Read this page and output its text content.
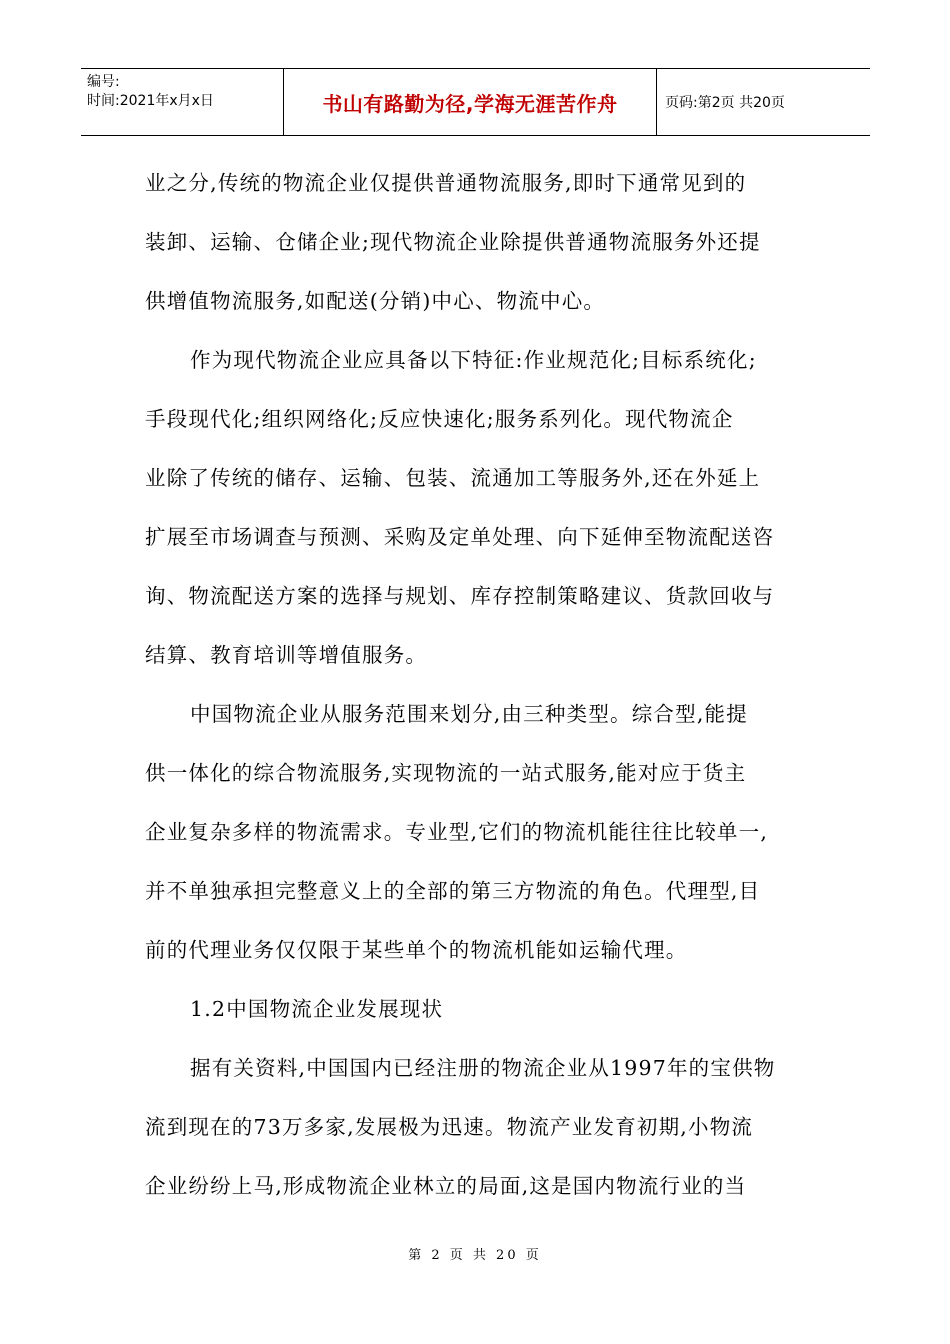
编号:
时间:2021年x月x日	书山有路勤为径,学海无涯苦作舟	页码:第2页 共20页

业之分,传统的物流企业仅提供普通物流服务,即时下通常见到的

装卸、运输、仓储企业;现代物流企业除提供普通物流服务外还提

供增值物流服务,如配送(分销)中心、物流中心。

作为现代物流企业应具备以下特征:作业规范化;目标系统化;

手段现代化;组织网络化;反应快速化;服务系列化。现代物流企

业除了传统的储存、运输、包装、流通加工等服务外,还在外延上

扩展至市场调查与预测、采购及定单处理、向下延伸至物流配送咨

询、物流配送方案的选择与规划、库存控制策略建议、货款回收与

结算、教育培训等增值服务。

中国物流企业从服务范围来划分,由三种类型。综合型,能提

供一体化的综合物流服务,实现物流的一站式服务,能对应于货主

企业复杂多样的物流需求。专业型,它们的物流机能往往比较单一,

并不单独承担完整意义上的全部的第三方物流的角色。代理型,目

前的代理业务仅仅限于某些单个的物流机能如运输代理。

1.2中国物流企业发展现状

据有关资料,中国国内已经注册的物流企业从1997年的宝供物

流到现在的73万多家,发展极为迅速。物流产业发育初期,小物流

企业纷纷上马,形成物流企业林立的局面,这是国内物流行业的当

第 2 页 共 20 页
